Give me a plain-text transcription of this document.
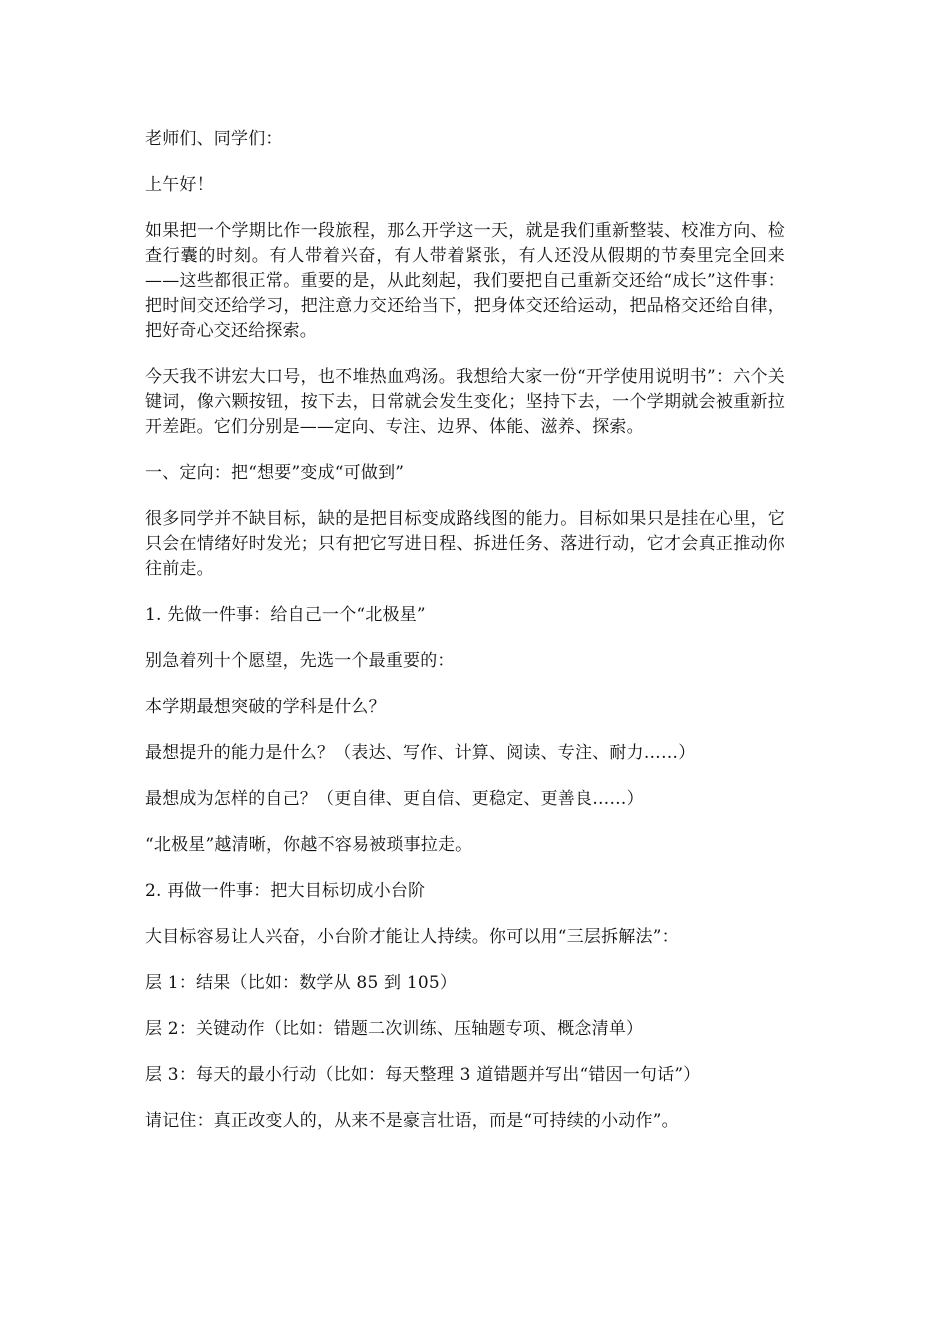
老师们、同学们：

上午好！

如果把一个学期比作一段旅程，那么开学这一天，就是我们重新整装、校准方向、检查行囊的时刻。有人带着兴奋，有人带着紧张，有人还没从假期的节奏里完全回来——这些都很正常。重要的是，从此刻起，我们要把自己重新交还给“成长”这件事：把时间交还给学习，把注意力交还给当下，把身体交还给运动，把品格交还给自律，把好奇心交还给探索。

今天我不讲宏大口号，也不堆热血鸡汤。我想给大家一份“开学使用说明书”：六个关键词，像六颗按钮，按下去，日常就会发生变化；坚持下去，一个学期就会被重新拉开差距。它们分别是——定向、专注、边界、体能、滋养、探索。

一、定向：把“想要”变成“可做到”

很多同学并不缺目标，缺的是把目标变成路线图的能力。目标如果只是挂在心里，它只会在情绪好时发光；只有把它写进日程、拆进任务、落进行动，它才会真正推动你往前走。

1. 先做一件事：给自己一个“北极星”

别急着列十个愿望，先选一个最重要的：

本学期最想突破的学科是什么？

最想提升的能力是什么？（表达、写作、计算、阅读、专注、耐力……）

最想成为怎样的自己？（更自律、更自信、更稳定、更善良……）

“北极星”越清晰，你越不容易被琐事拉走。

2. 再做一件事：把大目标切成小台阶

大目标容易让人兴奋，小台阶才能让人持续。你可以用“三层拆解法”：

层 1：结果（比如：数学从 85 到 105）

层 2：关键动作（比如：错题二次训练、压轴题专项、概念清单）

层 3：每天的最小行动（比如：每天整理 3 道错题并写出“错因一句话”）

请记住：真正改变人的，从来不是豪言壮语，而是“可持续的小动作”。
